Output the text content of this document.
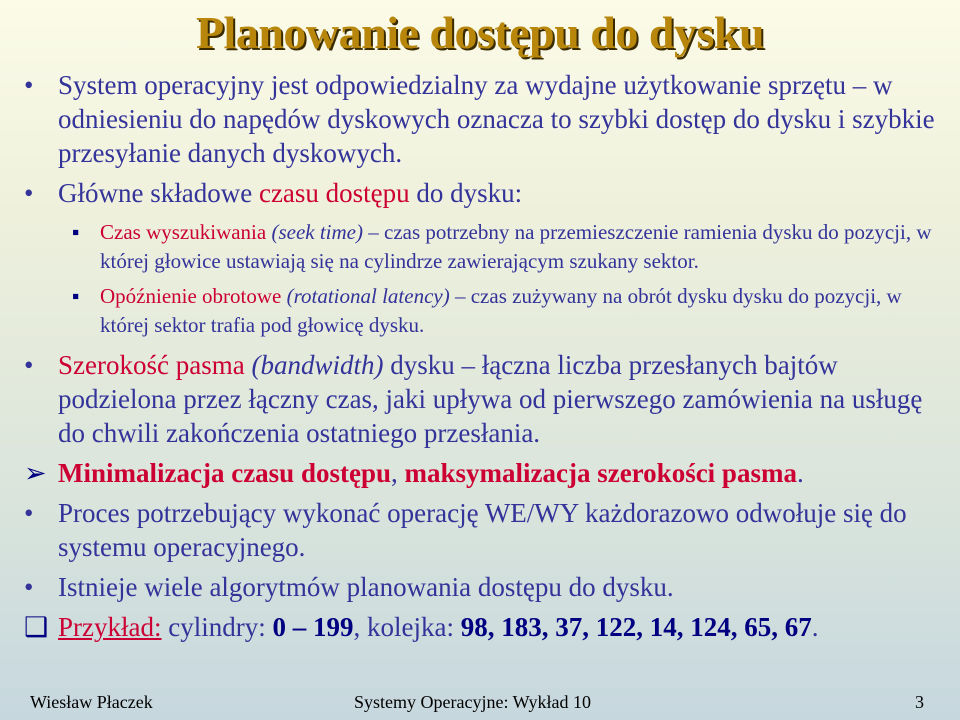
Planowanie dostępu do dysku
• System operacyjny jest odpowiedzialny za wydajne użytkowanie sprzętu – w odniesieniu do napędów dyskowych oznacza to szybki dostęp do dysku i szybkie przesyłanie danych dyskowych.
• Główne składowe czasu dostępu do dysku:
▪ Czas wyszukiwania (seek time) – czas potrzebny na przemieszczenie ramienia dysku do pozycji, w której głowice ustawiają się na cylindrze zawierającym szukany sektor.
▪ Opóźnienie obrotowe (rotational latency) – czas zużywany na obrót dysku dysku do pozycji, w której sektor trafia pod głowicę dysku.
• Szerokość pasma (bandwidth) dysku – łączna liczba przesłanych bajtów podzielona przez łączny czas, jaki upływa od pierwszego zamówienia na usługę do chwili zakończenia ostatniego przesłania.
➢ Minimalizacja czasu dostępu, maksymalizacja szerokości pasma.
• Proces potrzebujący wykonać operację WE/WY każdorazowo odwołuje się do systemu operacyjnego.
• Istnieje wiele algorytmów planowania dostępu do dysku.
❑ Przykład: cylindry: 0 – 199, kolejka: 98, 183, 37, 122, 14, 124, 65, 67.
Wiesław Płaczek	Systemy Operacyjne: Wykład 10	3
